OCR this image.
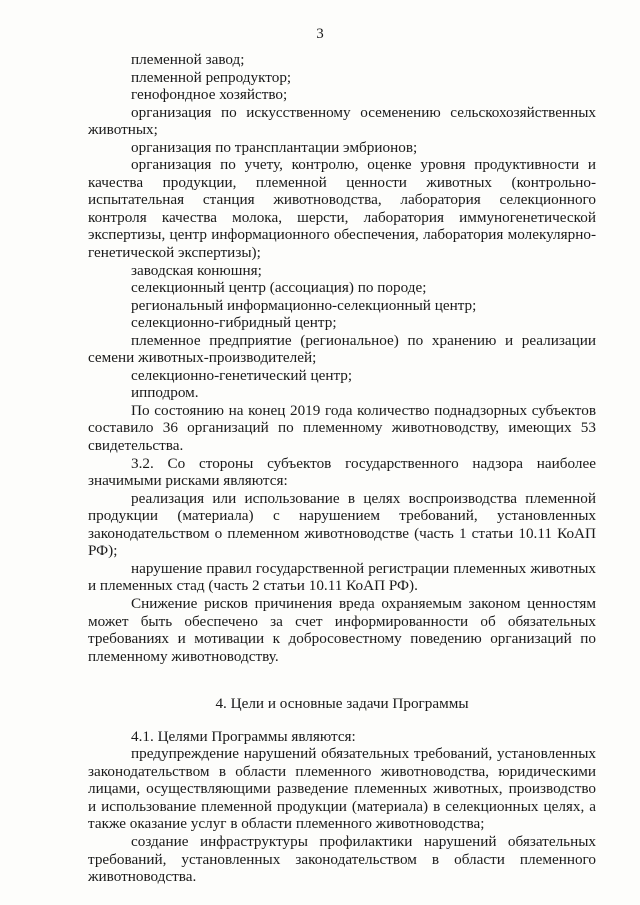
3
племенной завод;
племенной репродуктор;
генофондное хозяйство;
организация по искусственному осеменению сельскохозяйственных животных;
организация по трансплантации эмбрионов;
организация по учету, контролю, оценке уровня продуктивности и качества продукции, племенной ценности животных (контрольно-испытательная станция животноводства, лаборатория селекционного контроля качества молока, шерсти, лаборатория иммуногенетической экспертизы, центр информационного обеспечения, лаборатория молекулярно-генетической экспертизы);
заводская конюшня;
селекционный центр (ассоциация) по породе;
региональный информационно-селекционный центр;
селекционно-гибридный центр;
племенное предприятие (региональное) по хранению и реализации семени животных-производителей;
селекционно-генетический центр;
ипподром.
По состоянию на конец 2019 года количество поднадзорных субъектов составило 36 организаций по племенному животноводству, имеющих 53 свидетельства.
3.2. Со стороны субъектов государственного надзора наиболее значимыми рисками являются:
реализация или использование в целях воспроизводства племенной продукции (материала) с нарушением требований, установленных законодательством о племенном животноводстве (часть 1 статьи 10.11 КоАП РФ);
нарушение правил государственной регистрации племенных животных и племенных стад (часть 2 статьи 10.11 КоАП РФ).
Снижение рисков причинения вреда охраняемым законом ценностям может быть обеспечено за счет информированности об обязательных требованиях и мотивации к добросовестному поведению организаций по племенному животноводству.
4. Цели и основные задачи Программы
4.1. Целями Программы являются:
предупреждение нарушений обязательных требований, установленных законодательством в области племенного животноводства, юридическими лицами, осуществляющими разведение племенных животных, производство и использование племенной продукции (материала) в селекционных целях, а также оказание услуг в области племенного животноводства;
создание инфраструктуры профилактики нарушений обязательных требований, установленных законодательством в области племенного животноводства.
